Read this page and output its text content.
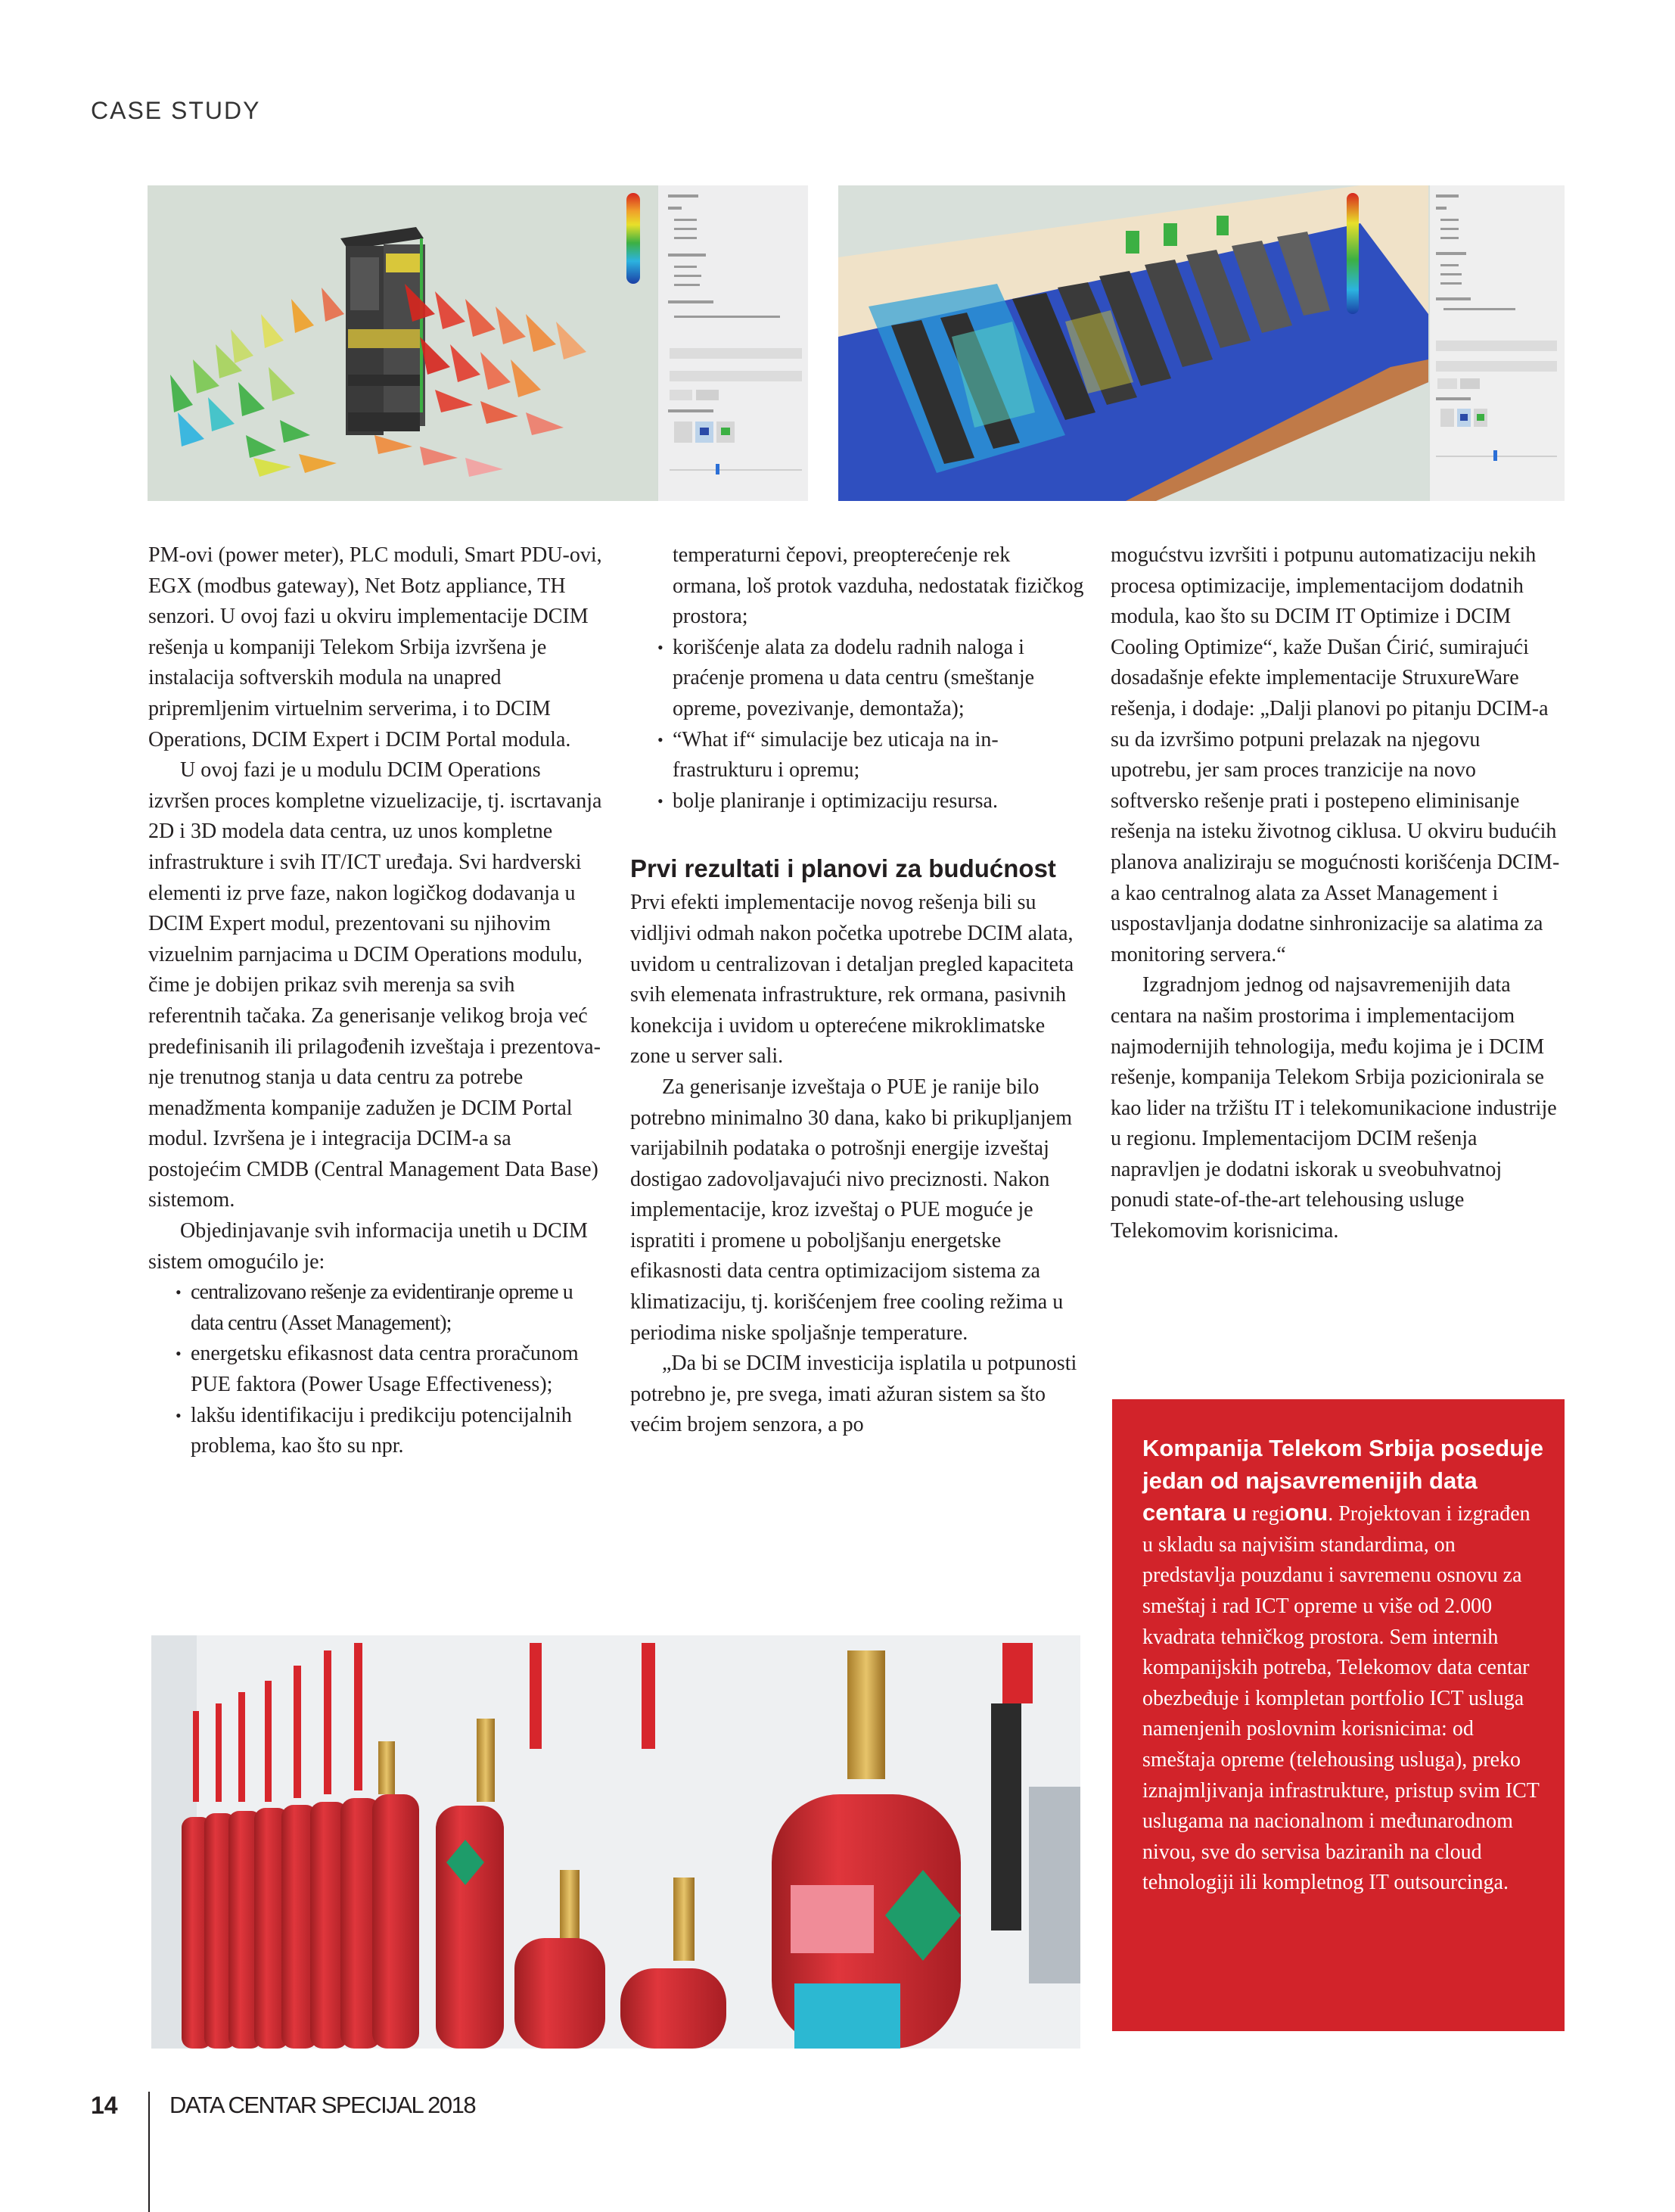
CASE STUDY

PM-ovi (power meter), PLC moduli, Smart PDU-ovi, EGX (modbus gateway), Net Botz appliance, TH senzori. U ovoj fazi u okviru implementacije DCIM rešenja u kompaniji Telekom Srbija izvršena je instalacija softverskih modula na unapred pripremljenim virtuelnim serverima, i to DCIM Operations, DCIM Expert i DCIM Portal modula.

U ovoj fazi je u modulu DCIM Operations izvršen proces kompletne vizuelizacije, tj. iscrtavanja 2D i 3D modela data centra, uz unos kompletne infrastrukture i svih IT/ICT uređaja. Svi hardverski elementi iz prve faze, nakon logičkog dodavanja u DCIM Expert modul, prezentovani su njihovim vizuelnim parnjacima u DCIM Operations modulu, čime je dobijen prikaz svih merenja sa svih referentnih tačaka. Za generisanje velikog broja već predefinisanih ili prilagođenih izveštaja i prezentovanje trenutnog stanja u data centru za potrebe menadžmenta kompanije zadužen je DCIM Portal modul. Izvršena je i integracija DCIM-a sa postojećim CMDB (Central Management Data Base) sistemom.

Objedinjavanje svih informacija unetih u DCIM sistem omogućilo je:

• centralizovano rešenje za evidentiranje opreme u data centru (Asset Management);
• energetsku efikasnost data centra proračunom PUE faktora (Power Usage Effectiveness);
• lakšu identifikaciju i predikciju potencijalnih problema, kao što su npr.

temperaturni čepovi, preopterećenje rek ormana, loš protok vazduha, nedostatak fizičkog prostora;

• korišćenje alata za dodelu radnih naloga i praćenje promena u data centru (smeštanje opreme, povezivanje, demontaža);
• “What if“ simulacije bez uticaja na infrastrukturu i opremu;
• bolje planiranje i optimizaciju resursa.
Prvi rezultati i planovi za budućnost

Prvi efekti implementacije novog rešenja bili su vidljivi odmah nakon početka upotrebe DCIM alata, uvidom u centralizovan i detaljan pregled kapaciteta svih elemenata infrastrukture, rek ormana, pasivnih konekcija i uvidom u opterećene mikroklimatske zone u server sali.

Za generisanje izveštaja o PUE je ranije bilo potrebno minimalno 30 dana, kako bi prikupljanjem varijabilnih podataka o potrošnji energije izveštaj dostigao zadovoljavajući nivo preciznosti. Nakon implementacije, kroz izveštaj o PUE moguće je ispratiti i promene u poboljšanju energetske efikasnosti data centra optimizacijom sistema za klimatizaciju, tj. korišćenjem free cooling režima u periodima niske spoljašnje temperature.

„Da bi se DCIM investicija isplatila u potpunosti potrebno je, pre svega, imati ažuran sistem sa što većim brojem senzora, a po

mogućstvu izvršiti i potpunu automatizaciju nekih procesa optimizacije, implementacijom dodatnih modula, kao što su DCIM IT Optimize i DCIM Cooling Optimize“, kaže Dušan Ćirić, sumirajući dosadašnje efekte implementacije StruxureWare rešenja, i dodaje: „Dalji planovi po pitanju DCIM-a su da izvršimo potpuni prelazak na njegovu upotrebu, jer sam proces tranzicije na novo softversko rešenje prati i postepeno eliminisanje rešenja na isteku životnog ciklusa. U okviru budućih planova analiziraju se mogućnosti korišćenja DCIM-a kao centralnog alata za Asset Management i uspostavljanja dodatne sinhronizacije sa alatima za monitoring servera.“

Izgradnjom jednog od najsavremenijih data centara na našim prostorima i implementacijom najmodernijih tehnologija, među kojima je i DCIM rešenje, kompanija Telekom Srbija pozicionirala se kao lider na tržištu IT i telekomunikacione industrije u regionu. Implementacijom DCIM rešenja napravljen je dodatni iskorak u sveobuhvatnoj ponudi state-of-the-art telehousing usluge Telekomovim korisnicima.

Kompanija Telekom Srbija poseduje jedan od najsavremenijih data centara u regionu. Projektovan i izgrađen u skladu sa najvišim standardima, on predstavlja pouzdanu i savremenu osnovu za smeštaj i rad ICT opreme u više od 2.000 kvadrata tehničkog prostora. Sem internih kompanijskih potreba, Telekomov data centar obezbeđuje i kompletan portfolio ICT usluga namenjenih poslovnim korisnicima: od smeštaja opreme (telehousing usluga), preko iznajmljivanja infrastrukture, pristup svim ICT uslugama na nacionalnom i međunarodnom nivou, sve do servisa baziranih na cloud tehnologiji ili kompletnog IT outsourcinga.
14 DATA CENTAR SPECIJAL 2018
